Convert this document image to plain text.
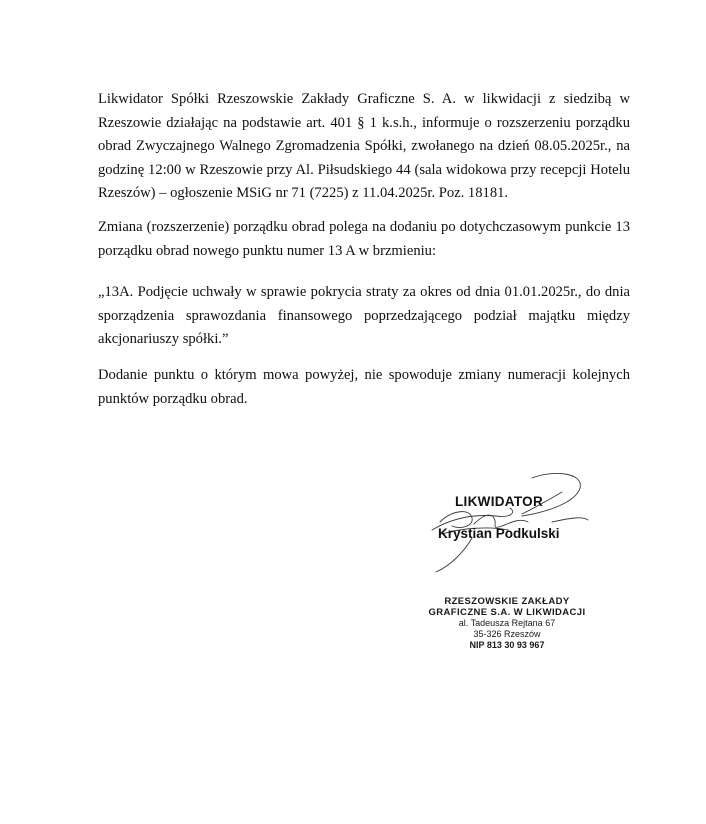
Likwidator Spółki Rzeszowskie Zakłady Graficzne S. A. w likwidacji z siedzibą w Rzeszowie działając na podstawie art. 401 § 1 k.s.h., informuje o rozszerzeniu porządku obrad Zwyczajnego Walnego Zgromadzenia Spółki, zwołanego na dzień 08.05.2025r., na godzinę 12:00 w Rzeszowie przy Al. Piłsudskiego 44 (sala widokowa przy recepcji Hotelu Rzeszów) – ogłoszenie MSiG nr 71 (7225) z 11.04.2025r. Poz. 18181.

Zmiana (rozszerzenie) porządku obrad polega na dodaniu po dotychczasowym punkcie 13 porządku obrad nowego punktu numer 13 A w brzmieniu:

„13A. Podjęcie uchwały w sprawie pokrycia straty za okres od dnia 01.01.2025r., do dnia sporządzenia sprawozdania finansowego poprzedzającego podział majątku między akcjonariuszy spółki.”

Dodanie punktu o którym mowa powyżej, nie spowoduje zmiany numeracji kolejnych punktów porządku obrad.

LIKWIDATOR
Krystian Podkulski
RZESZOWSKIE ZAKŁADY
GRAFICZNE S.A. W LIKWIDACJI
al. Tadeusza Rejtana 67
35-326 Rzeszów
NIP 813 30 93 967
